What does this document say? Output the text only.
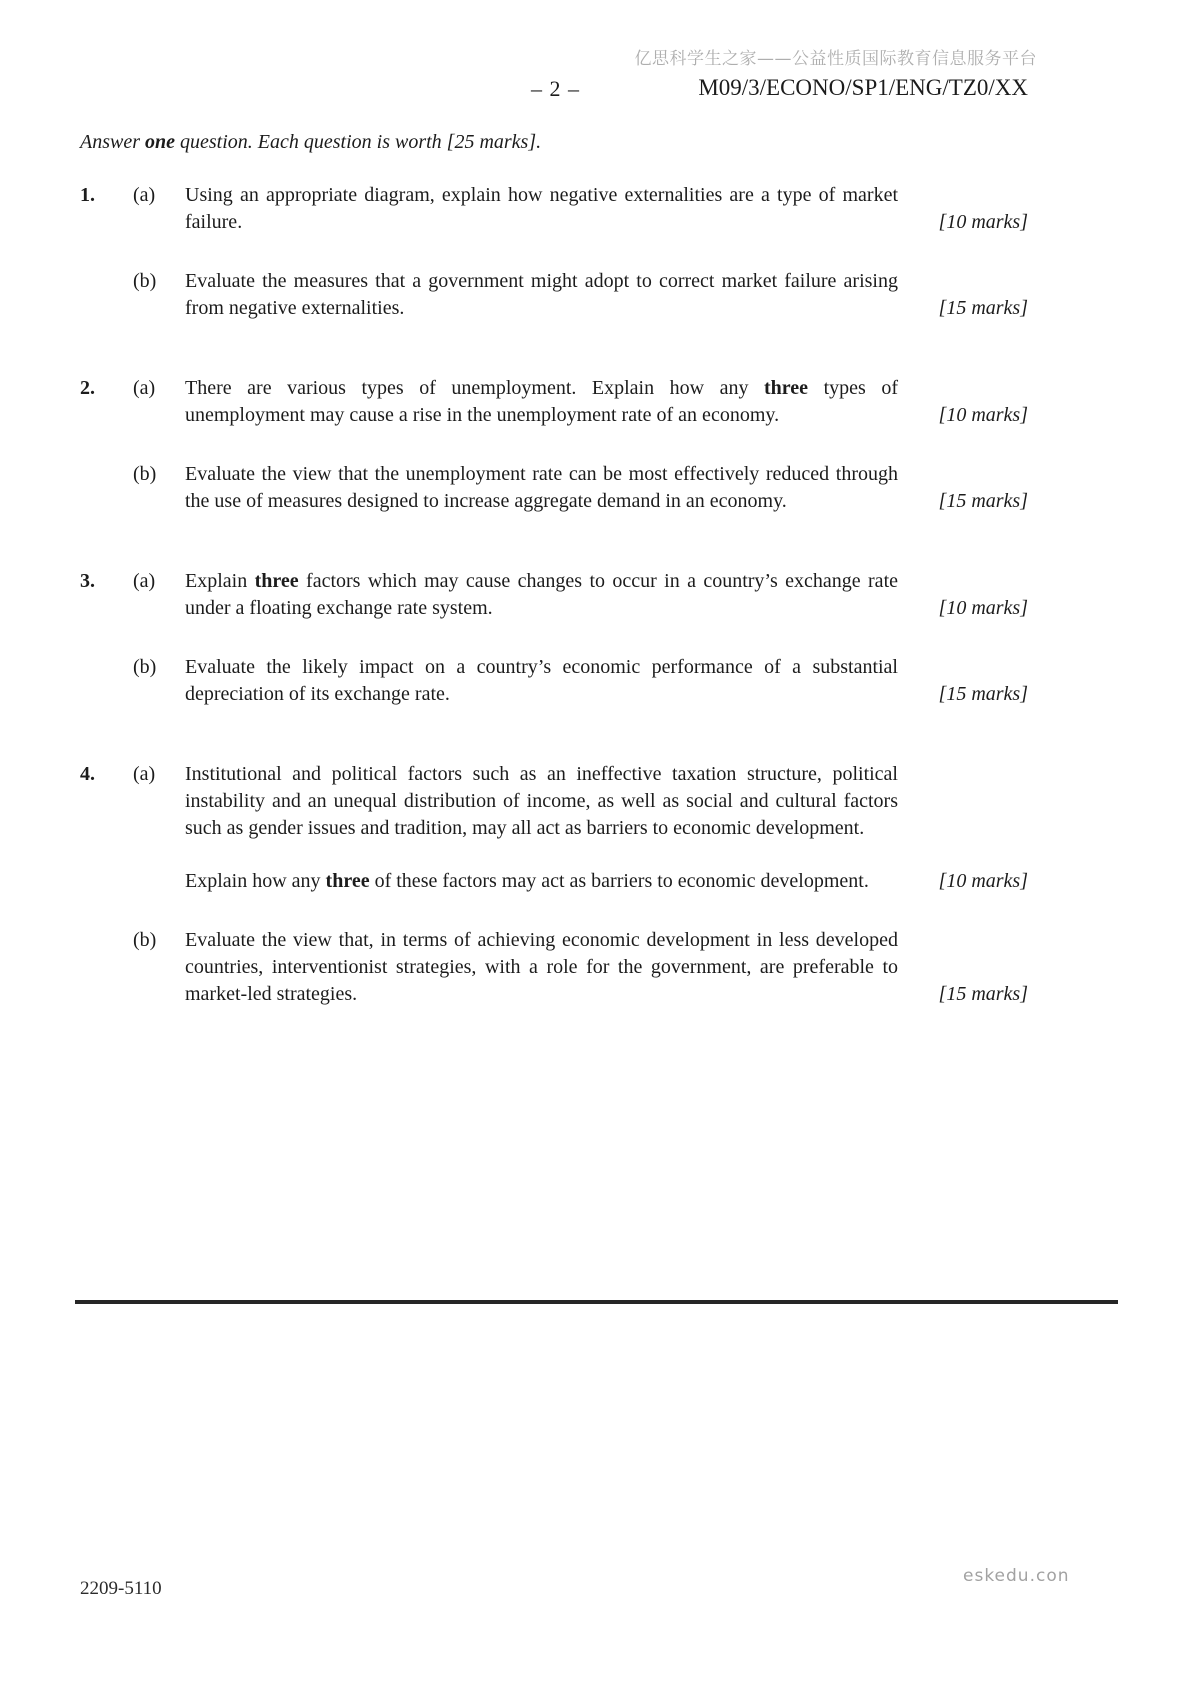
亿思科学生之家——公益性质国际教育信息服务平台
– 2 –	M09/3/ECONO/SP1/ENG/TZ0/XX
Answer one question. Each question is worth [25 marks].
1.	(a)	Using an appropriate diagram, explain how negative externalities are a type of market failure.	[10 marks]
(b)	Evaluate the measures that a government might adopt to correct market failure arising from negative externalities.	[15 marks]
2.	(a)	There are various types of unemployment. Explain how any three types of unemployment may cause a rise in the unemployment rate of an economy.	[10 marks]
(b)	Evaluate the view that the unemployment rate can be most effectively reduced through the use of measures designed to increase aggregate demand in an economy.	[15 marks]
3.	(a)	Explain three factors which may cause changes to occur in a country’s exchange rate under a floating exchange rate system.	[10 marks]
(b)	Evaluate the likely impact on a country’s economic performance of a substantial depreciation of its exchange rate.	[15 marks]
4.	(a)	Institutional and political factors such as an ineffective taxation structure, political instability and an unequal distribution of income, as well as social and cultural factors such as gender issues and tradition, may all act as barriers to economic development.

Explain how any three of these factors may act as barriers to economic development.	[10 marks]
(b)	Evaluate the view that, in terms of achieving economic development in less developed countries, interventionist strategies, with a role for the government, are preferable to market-led strategies.	[15 marks]
2209-5110
eskedu.con
